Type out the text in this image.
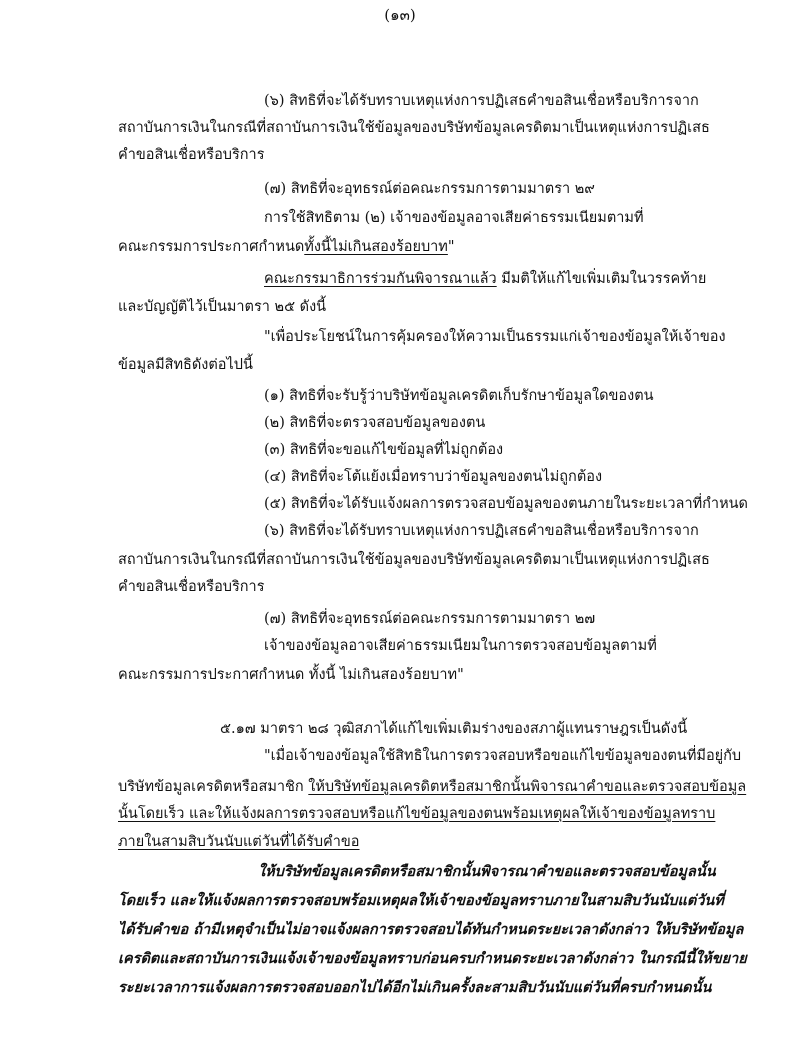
(๑๓)
(๖) สิทธิที่จะได้รับทราบเหตุแห่งการปฏิเสธคำขอสินเชื่อหรือบริการจาก
สถาบันการเงินในกรณีที่สถาบันการเงินใช้ข้อมูลของบริษัทข้อมูลเครดิตมาเป็นเหตุแห่งการปฏิเสธ
คำขอสินเชื่อหรือบริการ
(๗) สิทธิที่จะอุทธรณ์ต่อคณะกรรมการตามมาตรา ๒๙
การใช้สิทธิตาม (๒) เจ้าของข้อมูลอาจเสียค่าธรรมเนียมตามที่
คณะกรรมการประกาศกำหนดทั้งนี้ไม่เกินสองร้อยบาท"
คณะกรรมาธิการร่วมกันพิจารณาแล้ว มีมติให้แก้ไขเพิ่มเติมในวรรคท้าย
และบัญญัติไว้เป็นมาตรา ๒๕ ดังนี้
"เพื่อประโยชน์ในการคุ้มครองให้ความเป็นธรรมแก่เจ้าของข้อมูลให้เจ้าของ
ข้อมูลมีสิทธิดังต่อไปนี้
(๑) สิทธิที่จะรับรู้ว่าบริษัทข้อมูลเครดิตเก็บรักษาข้อมูลใดของตน
(๒) สิทธิที่จะตรวจสอบข้อมูลของตน
(๓) สิทธิที่จะขอแก้ไขข้อมูลที่ไม่ถูกต้อง
(๔) สิทธิที่จะโต้แย้งเมื่อทราบว่าข้อมูลของตนไม่ถูกต้อง
(๕) สิทธิที่จะได้รับแจ้งผลการตรวจสอบข้อมูลของตนภายในระยะเวลาที่กำหนด
(๖) สิทธิที่จะได้รับทราบเหตุแห่งการปฏิเสธคำขอสินเชื่อหรือบริการจาก
สถาบันการเงินในกรณีที่สถาบันการเงินใช้ข้อมูลของบริษัทข้อมูลเครดิตมาเป็นเหตุแห่งการปฏิเสธ
คำขอสินเชื่อหรือบริการ
(๗) สิทธิที่จะอุทธรณ์ต่อคณะกรรมการตามมาตรา ๒๗
เจ้าของข้อมูลอาจเสียค่าธรรมเนียมในการตรวจสอบข้อมูลตามที่
คณะกรรมการประกาศกำหนด ทั้งนี้ ไม่เกินสองร้อยบาท"
๕.๑๗ มาตรา ๒๘ วุฒิสภาได้แก้ไขเพิ่มเติมร่างของสภาผู้แทนราษฎรเป็นดังนี้
"เมื่อเจ้าของข้อมูลใช้สิทธิในการตรวจสอบหรือขอแก้ไขข้อมูลของตนที่มีอยู่กับ
บริษัทข้อมูลเครดิตหรือสมาชิก ให้บริษัทข้อมูลเครดิตหรือสมาชิกนั้นพิจารณาคำขอและตรวจสอบข้อมูล
นั้นโดยเร็ว และให้แจ้งผลการตรวจสอบหรือแก้ไขข้อมูลของตนพร้อมเหตุผลให้เจ้าของข้อมูลทราบ
ภายในสามสิบวันนับแต่วันที่ได้รับคำขอ
ให้บริษัทข้อมูลเครดิตหรือสมาชิกนั้นพิจารณาคำขอและตรวจสอบข้อมูลนั้น
โดยเร็ว และให้แจ้งผลการตรวจสอบพร้อมเหตุผลให้เจ้าของข้อมูลทราบภายในสามสิบวันนับแต่วันที่
ได้รับคำขอ ถ้ามีเหตุจำเป็นไม่อาจแจ้งผลการตรวจสอบได้ทันกำหนดระยะเวลาดังกล่าว ให้บริษัทข้อมูล
เครดิตและสถาบันการเงินแจ้งเจ้าของข้อมูลทราบก่อนครบกำหนดระยะเวลาดังกล่าว ในกรณีนี้ให้ขยาย
ระยะเวลาการแจ้งผลการตรวจสอบออกไปได้อีกไม่เกินครั้งละสามสิบวันนับแต่วันที่ครบกำหนดนั้น
